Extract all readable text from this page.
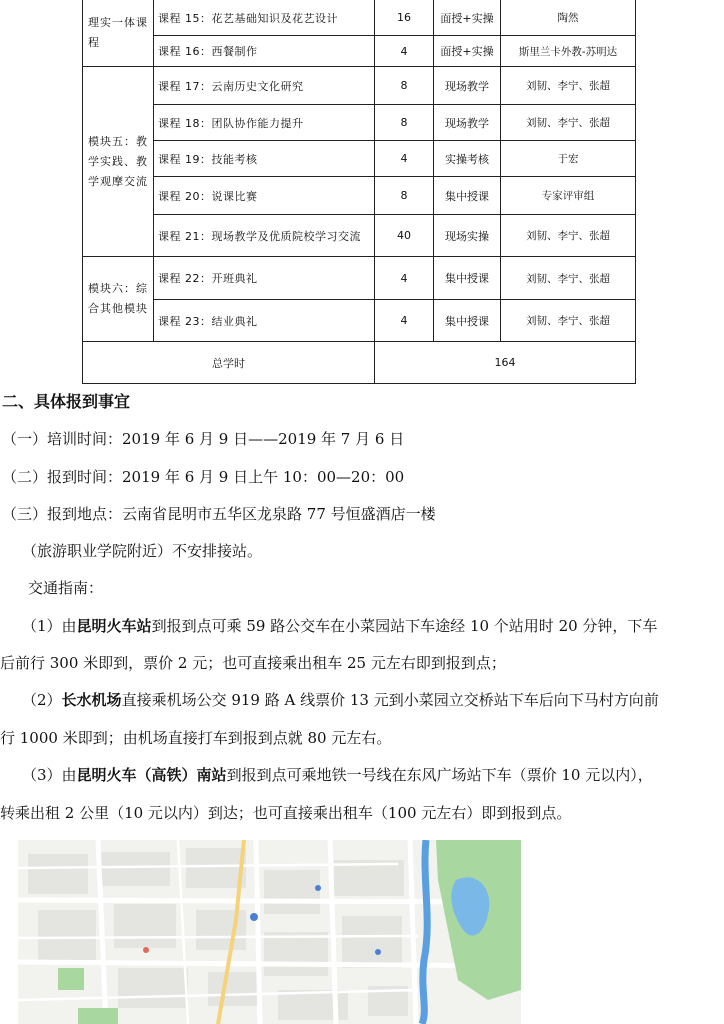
理实一体课程	课程 15：花艺基础知识及花艺设计	16	面授+实操	陶然
	课程 16：西餐制作	4	面授+实操	斯里兰卡外教-苏明达
模块五：教学实践、教学观摩交流	课程 17：云南历史文化研究	8	现场教学	刘韧、李宁、张超
	课程 18：团队协作能力提升	8	现场教学	刘韧、李宁、张超
	课程 19：技能考核	4	实操考核	于宏
	课程 20：说课比赛	8	集中授课	专家评审组
	课程 21：现场教学及优质院校学习交流	40	现场实操	刘韧、李宁、张超
模块六：综合其他模块	课程 22：开班典礼	4	集中授课	刘韧、李宁、张超
	课程 23：结业典礼	4	集中授课	刘韧、李宁、张超
总学时		164		
二、具体报到事宜
（一）培训时间：2019 年 6 月 9 日——2019 年 7 月 6 日
（二）报到时间：2019 年 6 月 9 日上午 10：00—20：00
（三）报到地点：云南省昆明市五华区龙泉路 77 号恒盛酒店一楼
（旅游职业学院附近）不安排接站。
交通指南：
（1）由昆明火车站到报到点可乘 59 路公交车在小菜园站下车途经 10 个站用时 20 分钟，下车
后前行 300 米即到，票价 2 元；也可直接乘出租车 25 元左右即到报到点；
（2）长水机场直接乘机场公交 919 路 A 线票价 13 元到小菜园立交桥站下车后向下马村方向前
行 1000 米即到；由机场直接打车到报到点就 80 元左右。
（3）由昆明火车（高铁）南站到报到点可乘地铁一号线在东风广场站下车（票价 10 元以内），
转乘出租 2 公里（10 元以内）到达；也可直接乘出租车（100 元左右）即到报到点。
